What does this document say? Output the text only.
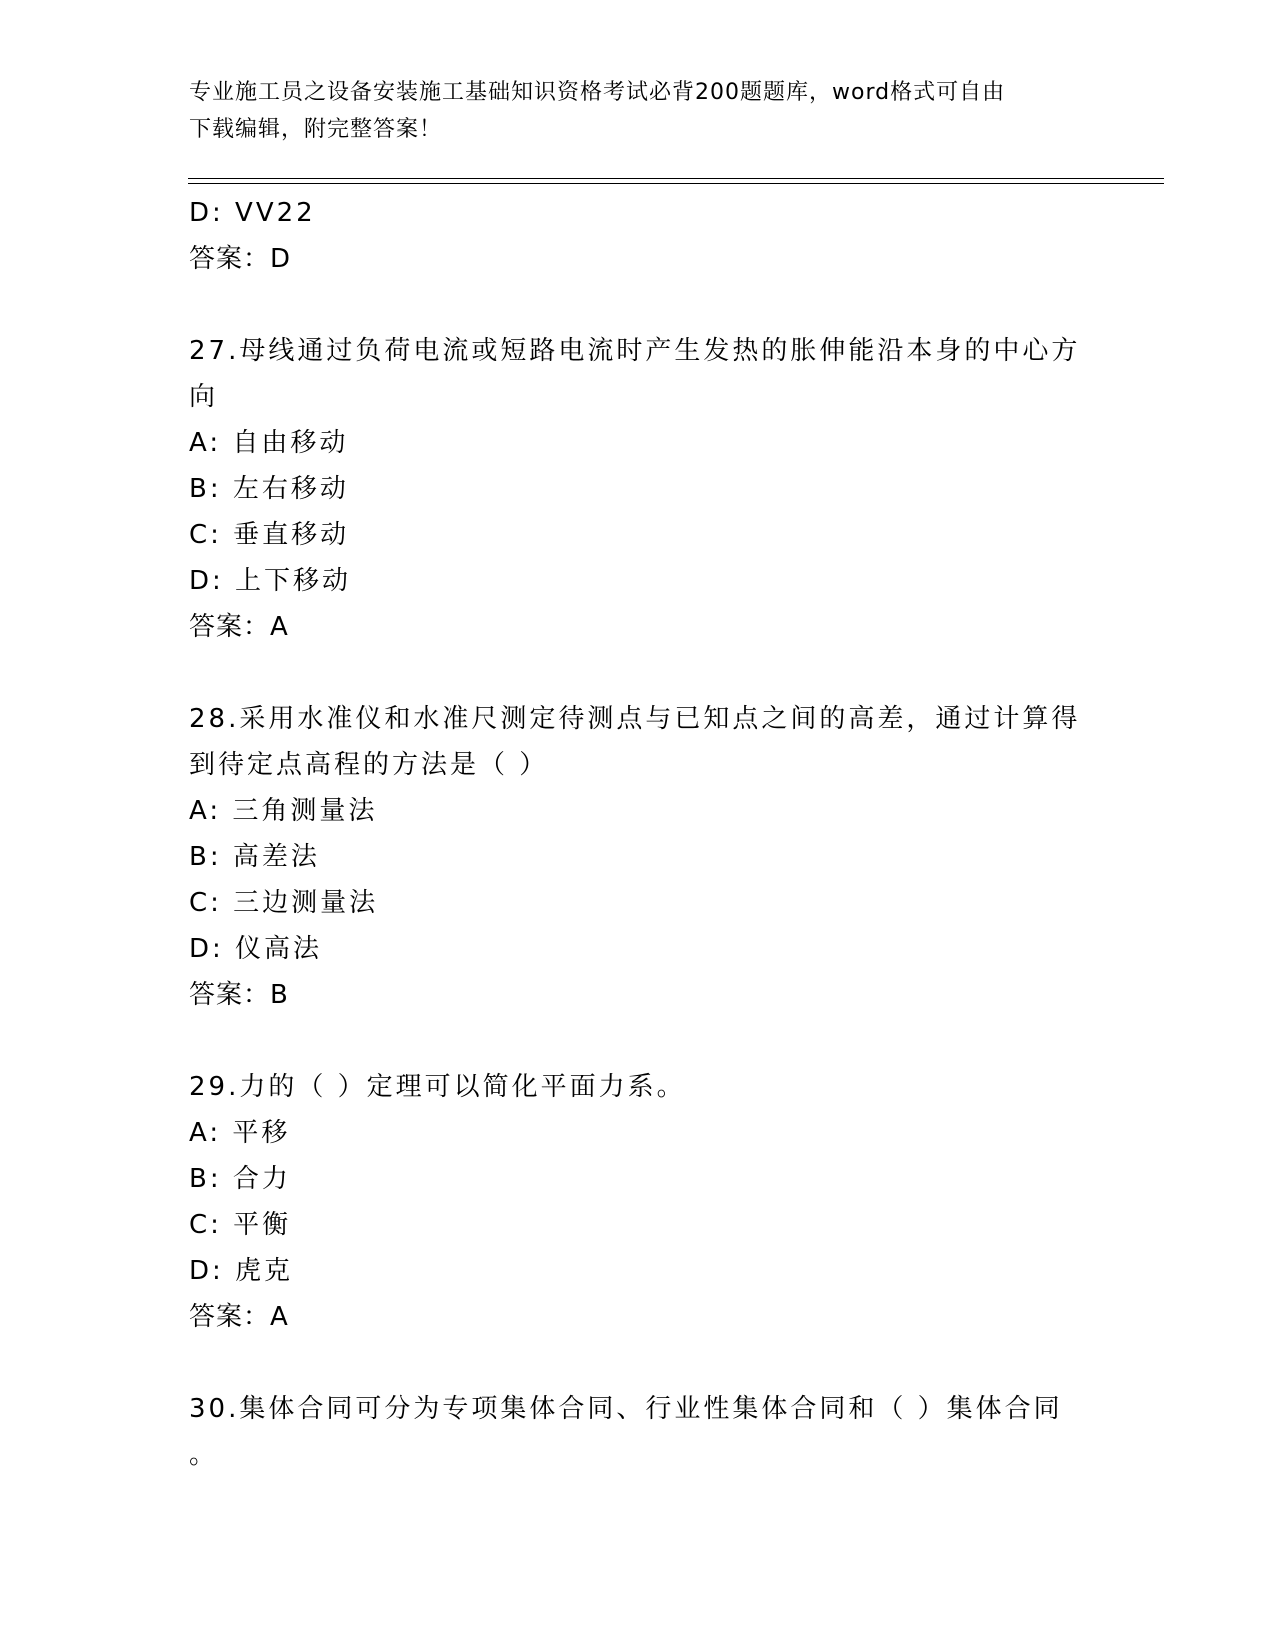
专业施工员之设备安装施工基础知识资格考试必背200题题库，word格式可自由
下载编辑，附完整答案！
D: VV22
答案：D
27.母线通过负荷电流或短路电流时产生发热的胀伸能沿本身的中心方
向
A: 自由移动
B: 左右移动
C: 垂直移动
D: 上下移动
答案：A
28.采用水准仪和水准尺测定待测点与已知点之间的高差，通过计算得
到待定点高程的方法是（ ）
A: 三角测量法
B: 高差法
C: 三边测量法
D: 仪高法
答案：B
29.力的（ ）定理可以简化平面力系。
A: 平移
B: 合力
C: 平衡
D: 虎克
答案：A
30.集体合同可分为专项集体合同、行业性集体合同和（ ）集体合同
。
